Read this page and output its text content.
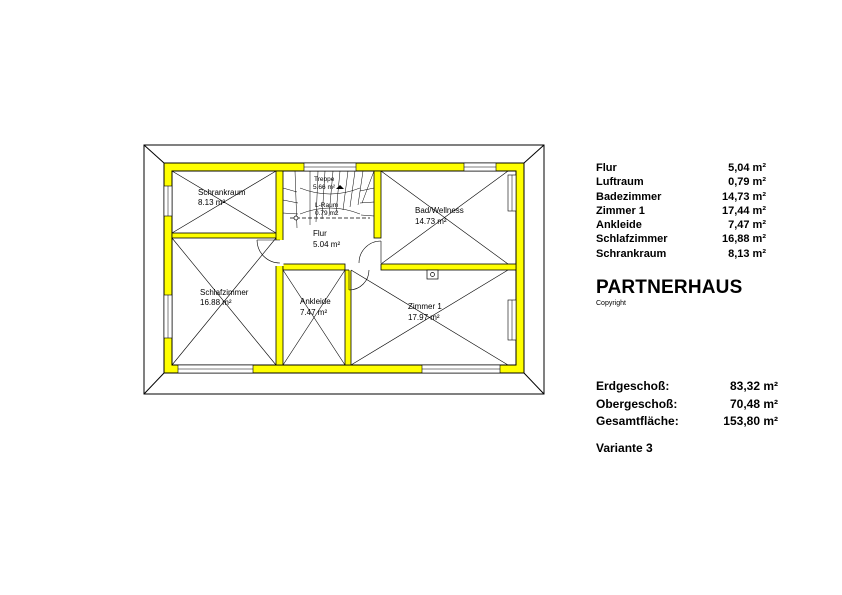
Schrankraum
8.13 m²
Treppe
5.66 m²
L-Raum
0.79 m2
Flur
5.04 m²
Bad/Wellness
14.73 m²
Schlafzimmer
16.88 m²	Ankleide
7.47 m²
Zimmer 1
17.97 m²
Flur	5,04 m²
Luftraum	0,79 m²
Badezimmer	14,73 m²
Zimmer 1	17,44 m²
Ankleide	7,47 m²
Schlafzimmer	16,88 m²
Schrankraum	8,13 m²
PARTNERHAUS
Copyright
Erdgeschoß:	83,32 m²
Obergeschoß:	70,48 m²
Gesamtfläche:	153,80 m²
Variante 3
